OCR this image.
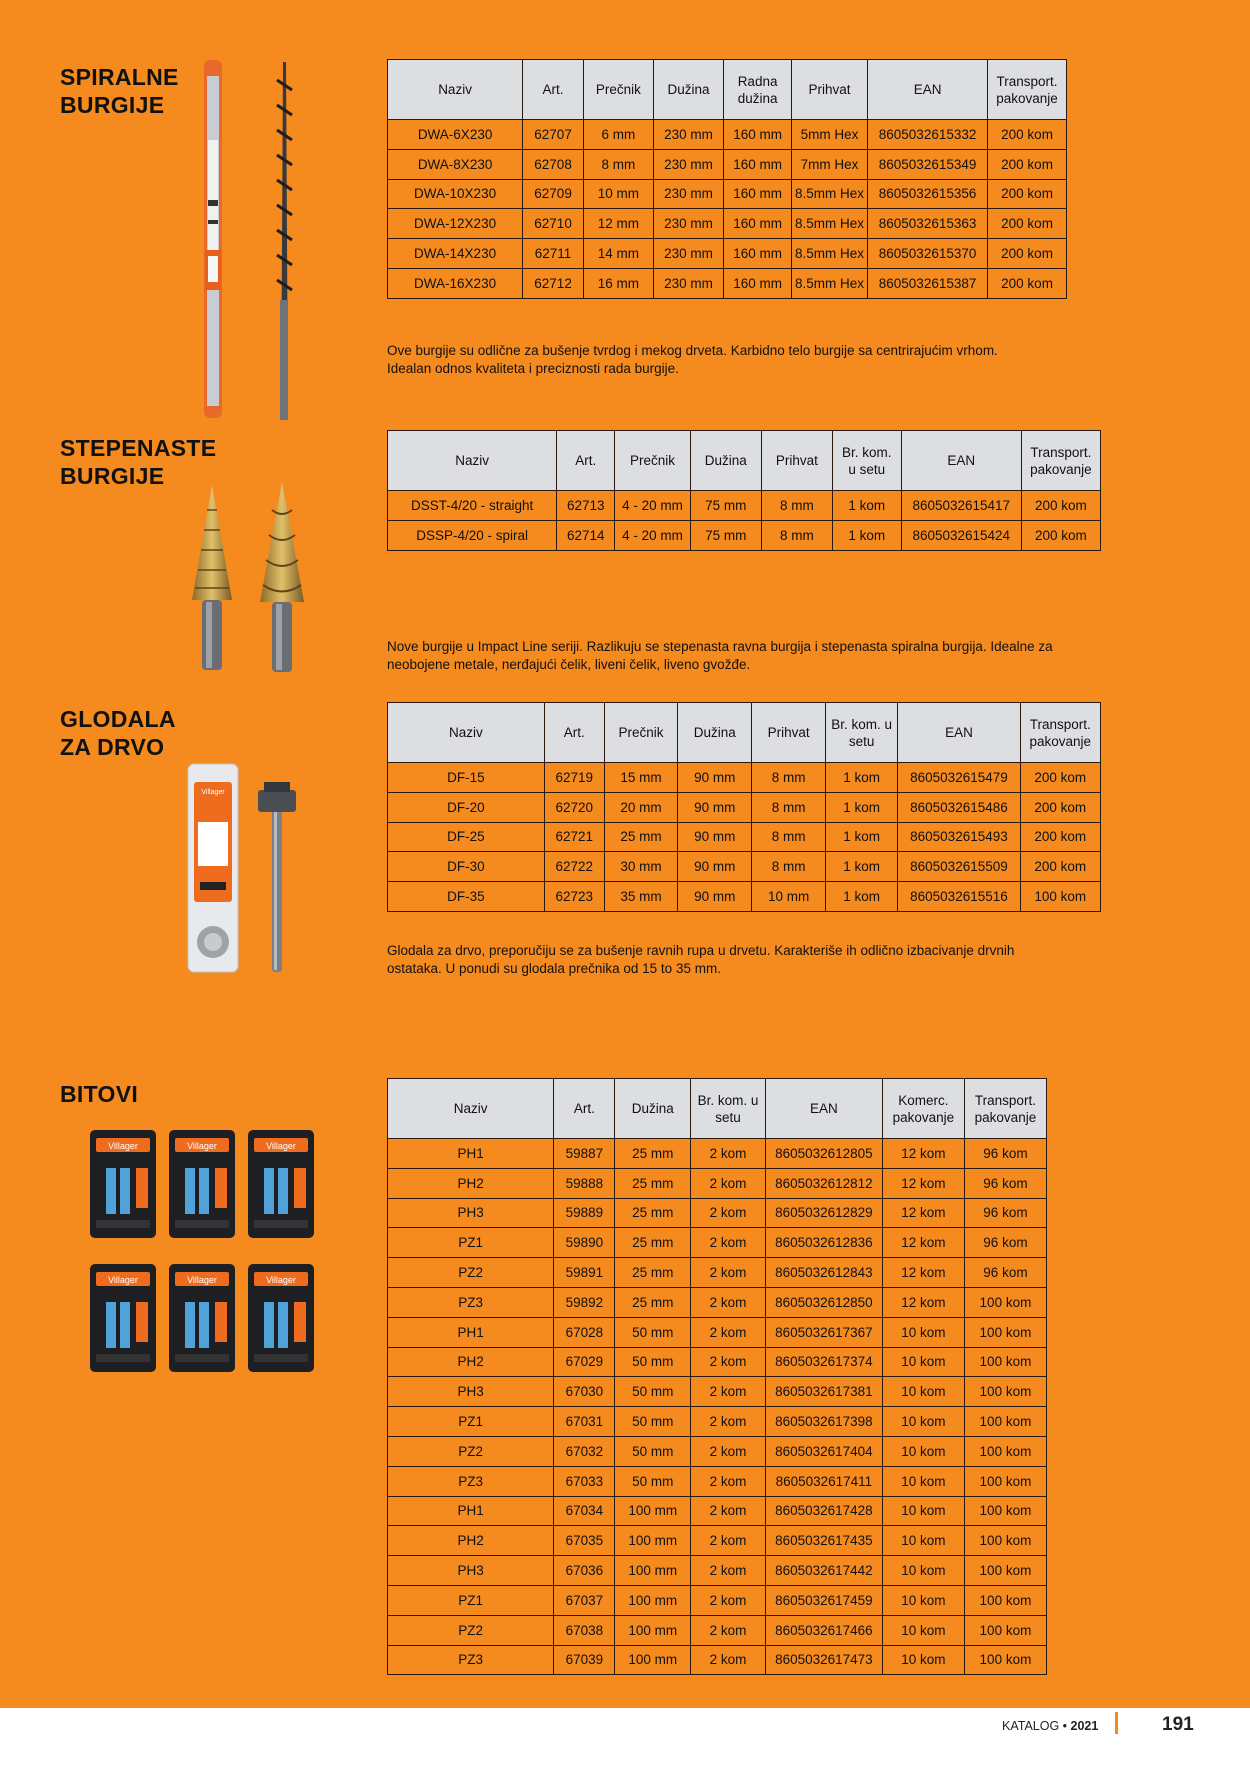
SPIRALNE
BURGIJE
Naziv	Art.	Prečnik	Dužina	Radna dužina	Prihvat	EAN	Transport. pakovanje
DWA-6X230	62707	6 mm	230 mm	160 mm	5mm Hex	8605032615332	200 kom
DWA-8X230	62708	8 mm	230 mm	160 mm	7mm Hex	8605032615349	200 kom
DWA-10X230	62709	10 mm	230 mm	160 mm	8.5mm Hex	8605032615356	200 kom
DWA-12X230	62710	12 mm	230 mm	160 mm	8.5mm Hex	8605032615363	200 kom
DWA-14X230	62711	14 mm	230 mm	160 mm	8.5mm Hex	8605032615370	200 kom
DWA-16X230	62712	16 mm	230 mm	160 mm	8.5mm Hex	8605032615387	200 kom
Ove burgije su odlične za bušenje tvrdog i mekog drveta. Karbidno telo burgije sa centrirajućim vrhom.
Idealan odnos kvaliteta i preciznosti rada burgije.
STEPENASTE
BURGIJE
Naziv	Art.	Prečnik	Dužina	Prihvat	Br. kom. u setu	EAN	Transport. pakovanje
DSST-4/20 - straight	62713	4 - 20 mm	75 mm	8 mm	1 kom	8605032615417	200 kom
DSSP-4/20 - spiral	62714	4 - 20 mm	75 mm	8 mm	1 kom	8605032615424	200 kom
Nove burgije u Impact Line seriji. Razlikuju se stepenasta ravna burgija i stepenasta spiralna burgija. Idealne za
neobojene metale, nerđajući čelik, liveni čelik, liveno gvožđe.
GLODALA
ZA DRVO
Villager
Naziv	Art.	Prečnik	Dužina	Prihvat	Br. kom. u setu	EAN	Transport. pakovanje
DF-15	62719	15 mm	90 mm	8 mm	1 kom	8605032615479	200 kom
DF-20	62720	20 mm	90 mm	8 mm	1 kom	8605032615486	200 kom
DF-25	62721	25 mm	90 mm	8 mm	1 kom	8605032615493	200 kom
DF-30	62722	30 mm	90 mm	8 mm	1 kom	8605032615509	200 kom
DF-35	62723	35 mm	90 mm	10 mm	1 kom	8605032615516	100 kom
Glodala za drvo, preporučiju se za bušenje ravnih rupa u drvetu. Karakteriše ih odlično izbacivanje drvnih
ostataka. U ponudi su glodala prečnika od 15 to 35 mm.
BITOVI
Villager	Villager	Villager
Villager	Villager	Villager
Naziv	Art.	Dužina	Br. kom. u setu	EAN	Komerc. pakovanje	Transport. pakovanje
PH1	59887	25 mm	2 kom	8605032612805	12 kom	96 kom
PH2	59888	25 mm	2 kom	8605032612812	12 kom	96 kom
PH3	59889	25 mm	2 kom	8605032612829	12 kom	96 kom
PZ1	59890	25 mm	2 kom	8605032612836	12 kom	96 kom
PZ2	59891	25 mm	2 kom	8605032612843	12 kom	96 kom
PZ3	59892	25 mm	2 kom	8605032612850	12 kom	100 kom
PH1	67028	50 mm	2 kom	8605032617367	10 kom	100 kom
PH2	67029	50 mm	2 kom	8605032617374	10 kom	100 kom
PH3	67030	50 mm	2 kom	8605032617381	10 kom	100 kom
PZ1	67031	50 mm	2 kom	8605032617398	10 kom	100 kom
PZ2	67032	50 mm	2 kom	8605032617404	10 kom	100 kom
PZ3	67033	50 mm	2 kom	8605032617411	10 kom	100 kom
PH1	67034	100 mm	2 kom	8605032617428	10 kom	100 kom
PH2	67035	100 mm	2 kom	8605032617435	10 kom	100 kom
PH3	67036	100 mm	2 kom	8605032617442	10 kom	100 kom
PZ1	67037	100 mm	2 kom	8605032617459	10 kom	100 kom
PZ2	67038	100 mm	2 kom	8605032617466	10 kom	100 kom
PZ3	67039	100 mm	2 kom	8605032617473	10 kom	100 kom
KATALOG • 2021	191
